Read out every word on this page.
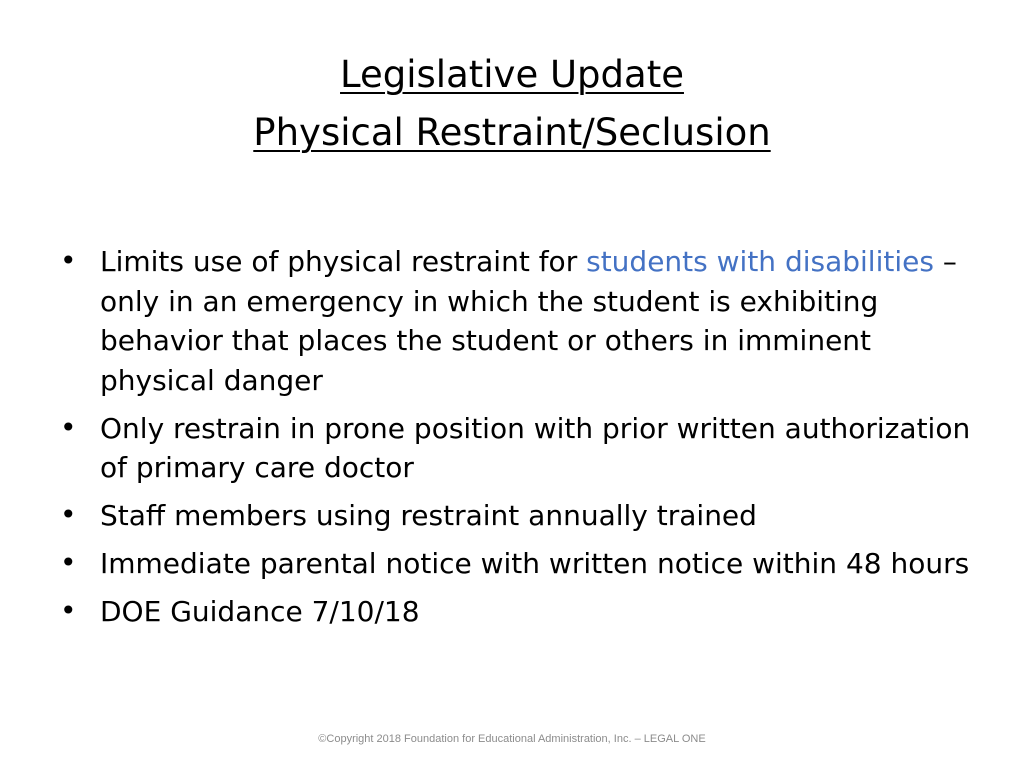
Legislative Update
Physical Restraint/Seclusion
• Limits use of physical restraint for students with disabilities – only in an emergency in which the student is exhibiting behavior that places the student or others in imminent physical danger
• Only restrain in prone position with prior written authorization of primary care doctor
• Staff members using restraint annually trained
• Immediate parental notice with written notice within 48 hours
• DOE Guidance 7/10/18
©Copyright 2018 Foundation for Educational Administration, Inc. – LEGAL ONE
